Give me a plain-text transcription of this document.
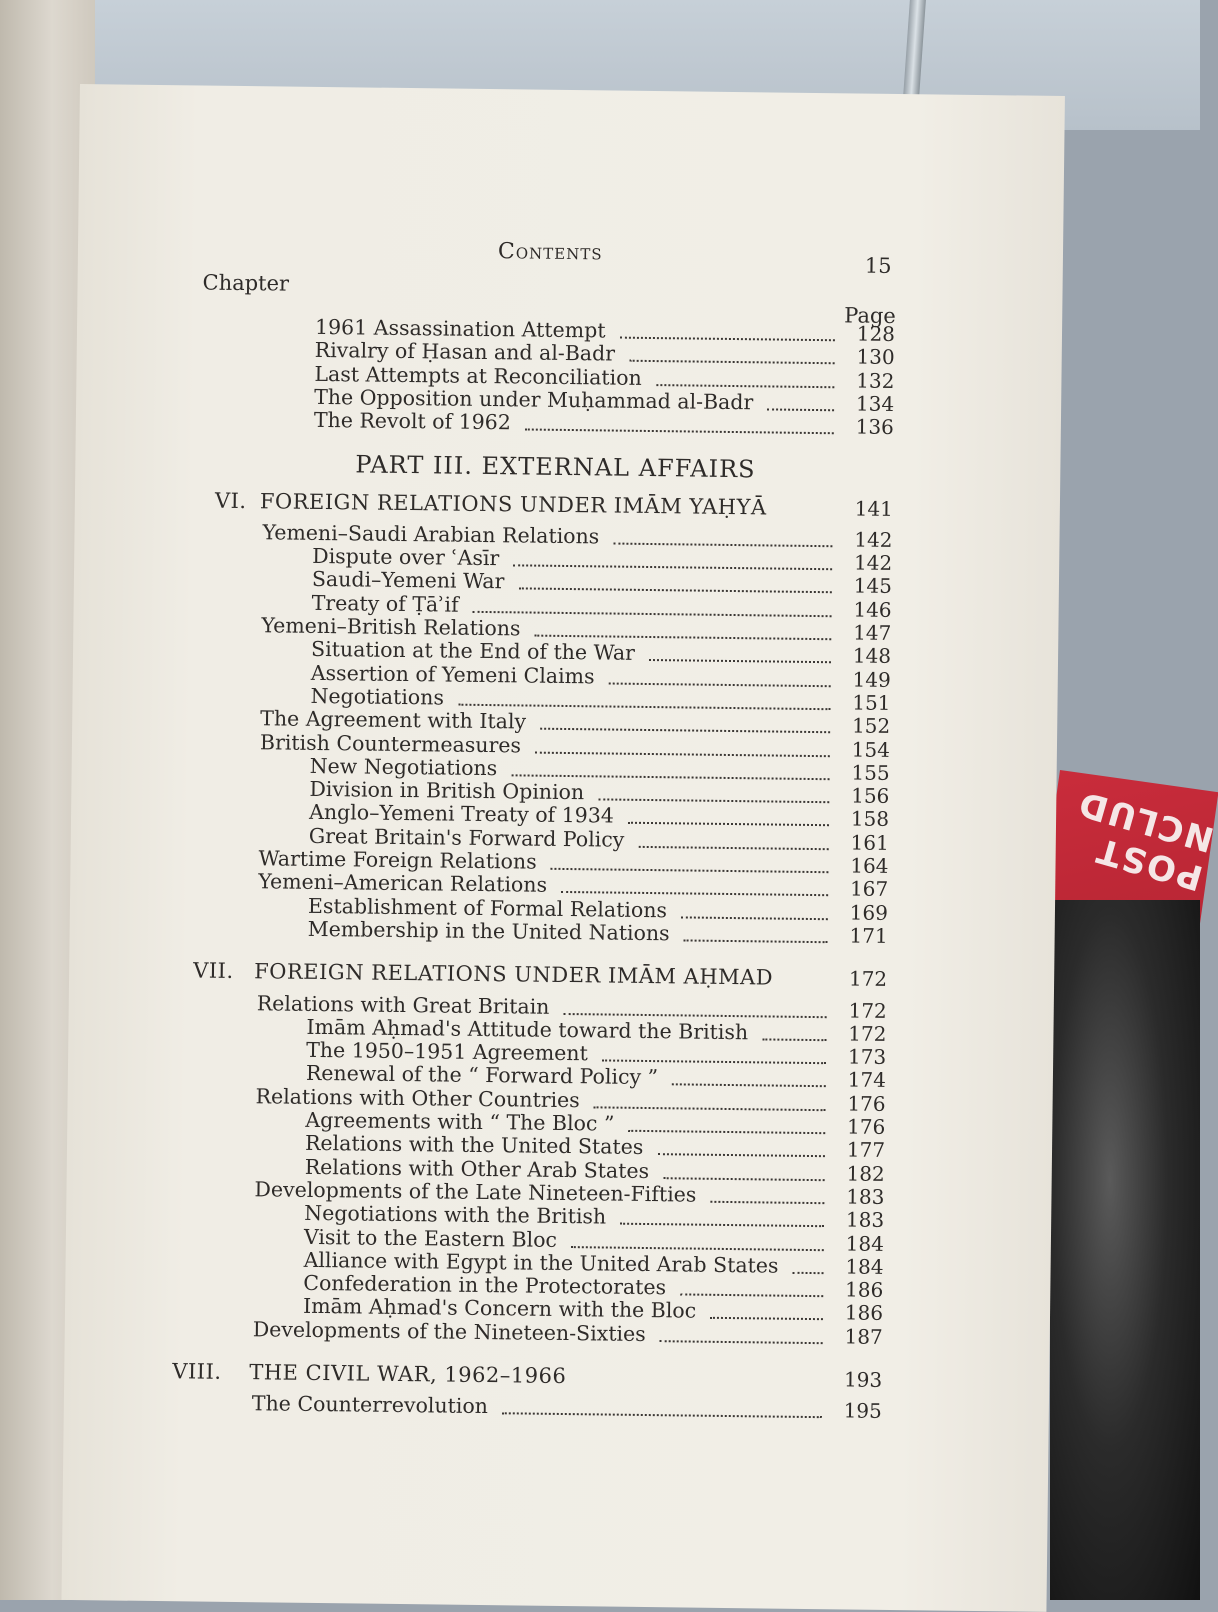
POST NCLUD
Contents
15
Chapter
Page
1961 Assassination Attempt	128
Rivalry of Ḥasan and al-Badr	130
Last Attempts at Reconciliation	132
The Opposition under Muḥammad al-Badr	134
The Revolt of 1962	136
PART III. EXTERNAL AFFAIRS
VI. FOREIGN RELATIONS UNDER IMĀM YAḤYĀ	141
Yemeni–Saudi Arabian Relations	142
Dispute over ʿAsīr	142
Saudi–Yemeni War	145
Treaty of Ṭāʾif	146
Yemeni–British Relations	147
Situation at the End of the War	148
Assertion of Yemeni Claims	149
Negotiations	151
The Agreement with Italy	152
British Countermeasures	154
New Negotiations	155
Division in British Opinion	156
Anglo–Yemeni Treaty of 1934	158
Great Britain's Forward Policy	161
Wartime Foreign Relations	164
Yemeni–American Relations	167
Establishment of Formal Relations	169
Membership in the United Nations	171
VII. FOREIGN RELATIONS UNDER IMĀM AḤMAD	172
Relations with Great Britain	172
Imām Aḥmad's Attitude toward the British	172
The 1950–1951 Agreement	173
Renewal of the “ Forward Policy ”	174
Relations with Other Countries	176
Agreements with “ The Bloc ”	176
Relations with the United States	177
Relations with Other Arab States	182
Developments of the Late Nineteen-Fifties	183
Negotiations with the British	183
Visit to the Eastern Bloc	184
Alliance with Egypt in the United Arab States	184
Confederation in the Protectorates	186
Imām Aḥmad's Concern with the Bloc	186
Developments of the Nineteen-Sixties	187
VIII. THE CIVIL WAR, 1962–1966	193
The Counterrevolution	195
